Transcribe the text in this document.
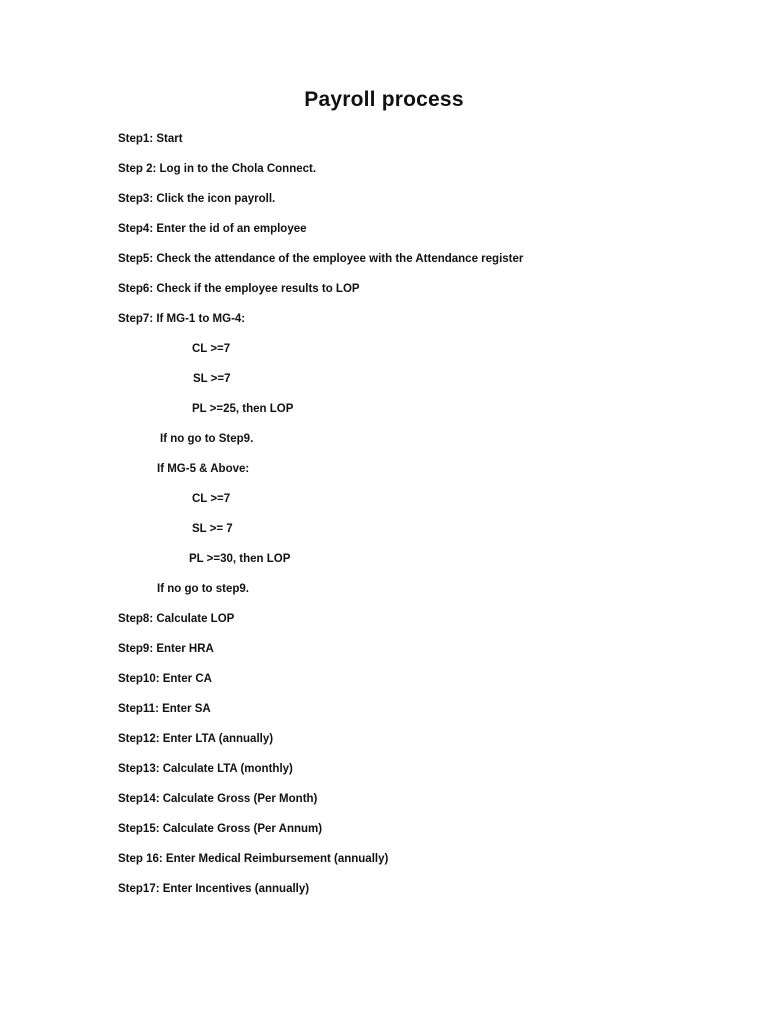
Payroll process
Step1: Start
Step 2: Log in to the Chola Connect.
Step3: Click the icon payroll.
Step4: Enter the id of an employee
Step5: Check the attendance of the employee with the Attendance register
Step6: Check if the employee results to LOP
Step7: If MG-1 to MG-4:
CL >=7
SL >=7
PL >=25, then LOP
If no go to Step9.
If MG-5 & Above:
CL >=7
SL >= 7
PL >=30, then LOP
If no go to step9.
Step8: Calculate LOP
Step9: Enter HRA
Step10: Enter CA
Step11: Enter SA
Step12: Enter LTA (annually)
Step13: Calculate LTA (monthly)
Step14: Calculate Gross (Per Month)
Step15: Calculate Gross (Per Annum)
Step 16: Enter Medical Reimbursement (annually)
Step17: Enter Incentives (annually)
